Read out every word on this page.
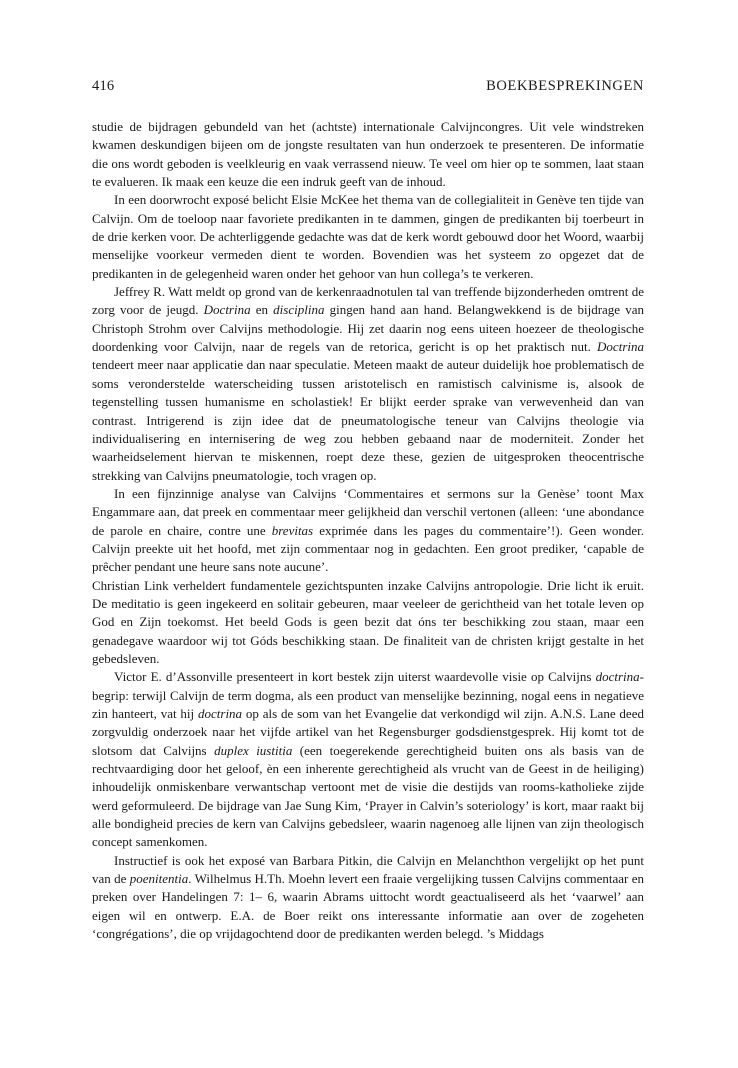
416	BOEKBESPREKINGEN

studie de bijdragen gebundeld van het (achtste) internationale Calvijncongres. Uit vele windstreken kwamen deskundigen bijeen om de jongste resultaten van hun onderzoek te presenteren. De informatie die ons wordt geboden is veelkleurig en vaak verrassend nieuw. Te veel om hier op te sommen, laat staan te evalueren. Ik maak een keuze die een indruk geeft van de inhoud.

In een doorwrocht exposé belicht Elsie McKee het thema van de collegialiteit in Genève ten tijde van Calvijn. Om de toeloop naar favoriete predikanten in te dammen, gingen de predikanten bij toerbeurt in de drie kerken voor. De achterliggende gedachte was dat de kerk wordt gebouwd door het Woord, waarbij menselijke voorkeur vermeden dient te worden. Bovendien was het systeem zo opgezet dat de predikanten in de gelegenheid waren onder het gehoor van hun collega’s te verkeren.

Jeffrey R. Watt meldt op grond van de kerkenraadnotulen tal van treffende bijzonderheden omtrent de zorg voor de jeugd. Doctrina en disciplina gingen hand aan hand. Belangwekkend is de bijdrage van Christoph Strohm over Calvijns methodologie. Hij zet daarin nog eens uiteen hoezeer de theologische doordenking voor Calvijn, naar de regels van de retorica, gericht is op het praktisch nut. Doctrina tendeert meer naar applicatie dan naar speculatie. Meteen maakt de auteur duidelijk hoe problematisch de soms veronderstelde waterscheiding tussen aristotelisch en ramistisch calvinisme is, alsook de tegenstelling tussen humanisme en scholastiek! Er blijkt eerder sprake van verwevenheid dan van contrast. Intrigerend is zijn idee dat de pneumatologische teneur van Calvijns theologie via individualisering en internisering de weg zou hebben gebaand naar de moderniteit. Zonder het waarheidselement hiervan te miskennen, roept deze these, gezien de uitgesproken theocentrische strekking van Calvijns pneumatologie, toch vragen op.

In een fijnzinnige analyse van Calvijns ‘Commentaires et sermons sur la Genèse’ toont Max Engammare aan, dat preek en commentaar meer gelijkheid dan verschil vertonen (alleen: ‘une abondance de parole en chaire, contre une brevitas exprimée dans les pages du commentaire’!). Geen wonder. Calvijn preekte uit het hoofd, met zijn commentaar nog in gedachten. Een groot prediker, ‘capable de prêcher pendant une heure sans note aucune’.

Christian Link verheldert fundamentele gezichtspunten inzake Calvijns antropologie. Drie licht ik eruit. De meditatio is geen ingekeerd en solitair gebeuren, maar veeleer de gerichtheid van het totale leven op God en Zijn toekomst. Het beeld Gods is geen bezit dat óns ter beschikking zou staan, maar een genadegave waardoor wij tot Góds beschikking staan. De finaliteit van de christen krijgt gestalte in het gebedsleven.

Victor E. d’Assonville presenteert in kort bestek zijn uiterst waardevolle visie op Calvijns doctrina-begrip: terwijl Calvijn de term dogma, als een product van menselijke bezinning, nogal eens in negatieve zin hanteert, vat hij doctrina op als de som van het Evangelie dat verkondigd wil zijn. A.N.S. Lane deed zorgvuldig onderzoek naar het vijfde artikel van het Regensburger godsdienstgesprek. Hij komt tot de slotsom dat Calvijns duplex iustitia (een toegerekende gerechtigheid buiten ons als basis van de rechtvaardiging door het geloof, èn een inherente gerechtigheid als vrucht van de Geest in de heiliging) inhoudelijk onmiskenbare verwantschap vertoont met de visie die destijds van rooms-katholieke zijde werd geformuleerd. De bijdrage van Jae Sung Kim, ‘Prayer in Calvin’s soteriology’ is kort, maar raakt bij alle bondigheid precies de kern van Calvijns gebedsleer, waarin nagenoeg alle lijnen van zijn theologisch concept samenkomen.

Instructief is ook het exposé van Barbara Pitkin, die Calvijn en Melanchthon vergelijkt op het punt van de poenitentia. Wilhelmus H.Th. Moehn levert een fraaie vergelijking tussen Calvijns commentaar en preken over Handelingen 7: 1– 6, waarin Abrams uittocht wordt geactualiseerd als het ‘vaarwel’ aan eigen wil en ontwerp. E.A. de Boer reikt ons interessante informatie aan over de zogeheten ‘congrégations’, die op vrijdagochtend door de predikanten werden belegd. ’s Middags
